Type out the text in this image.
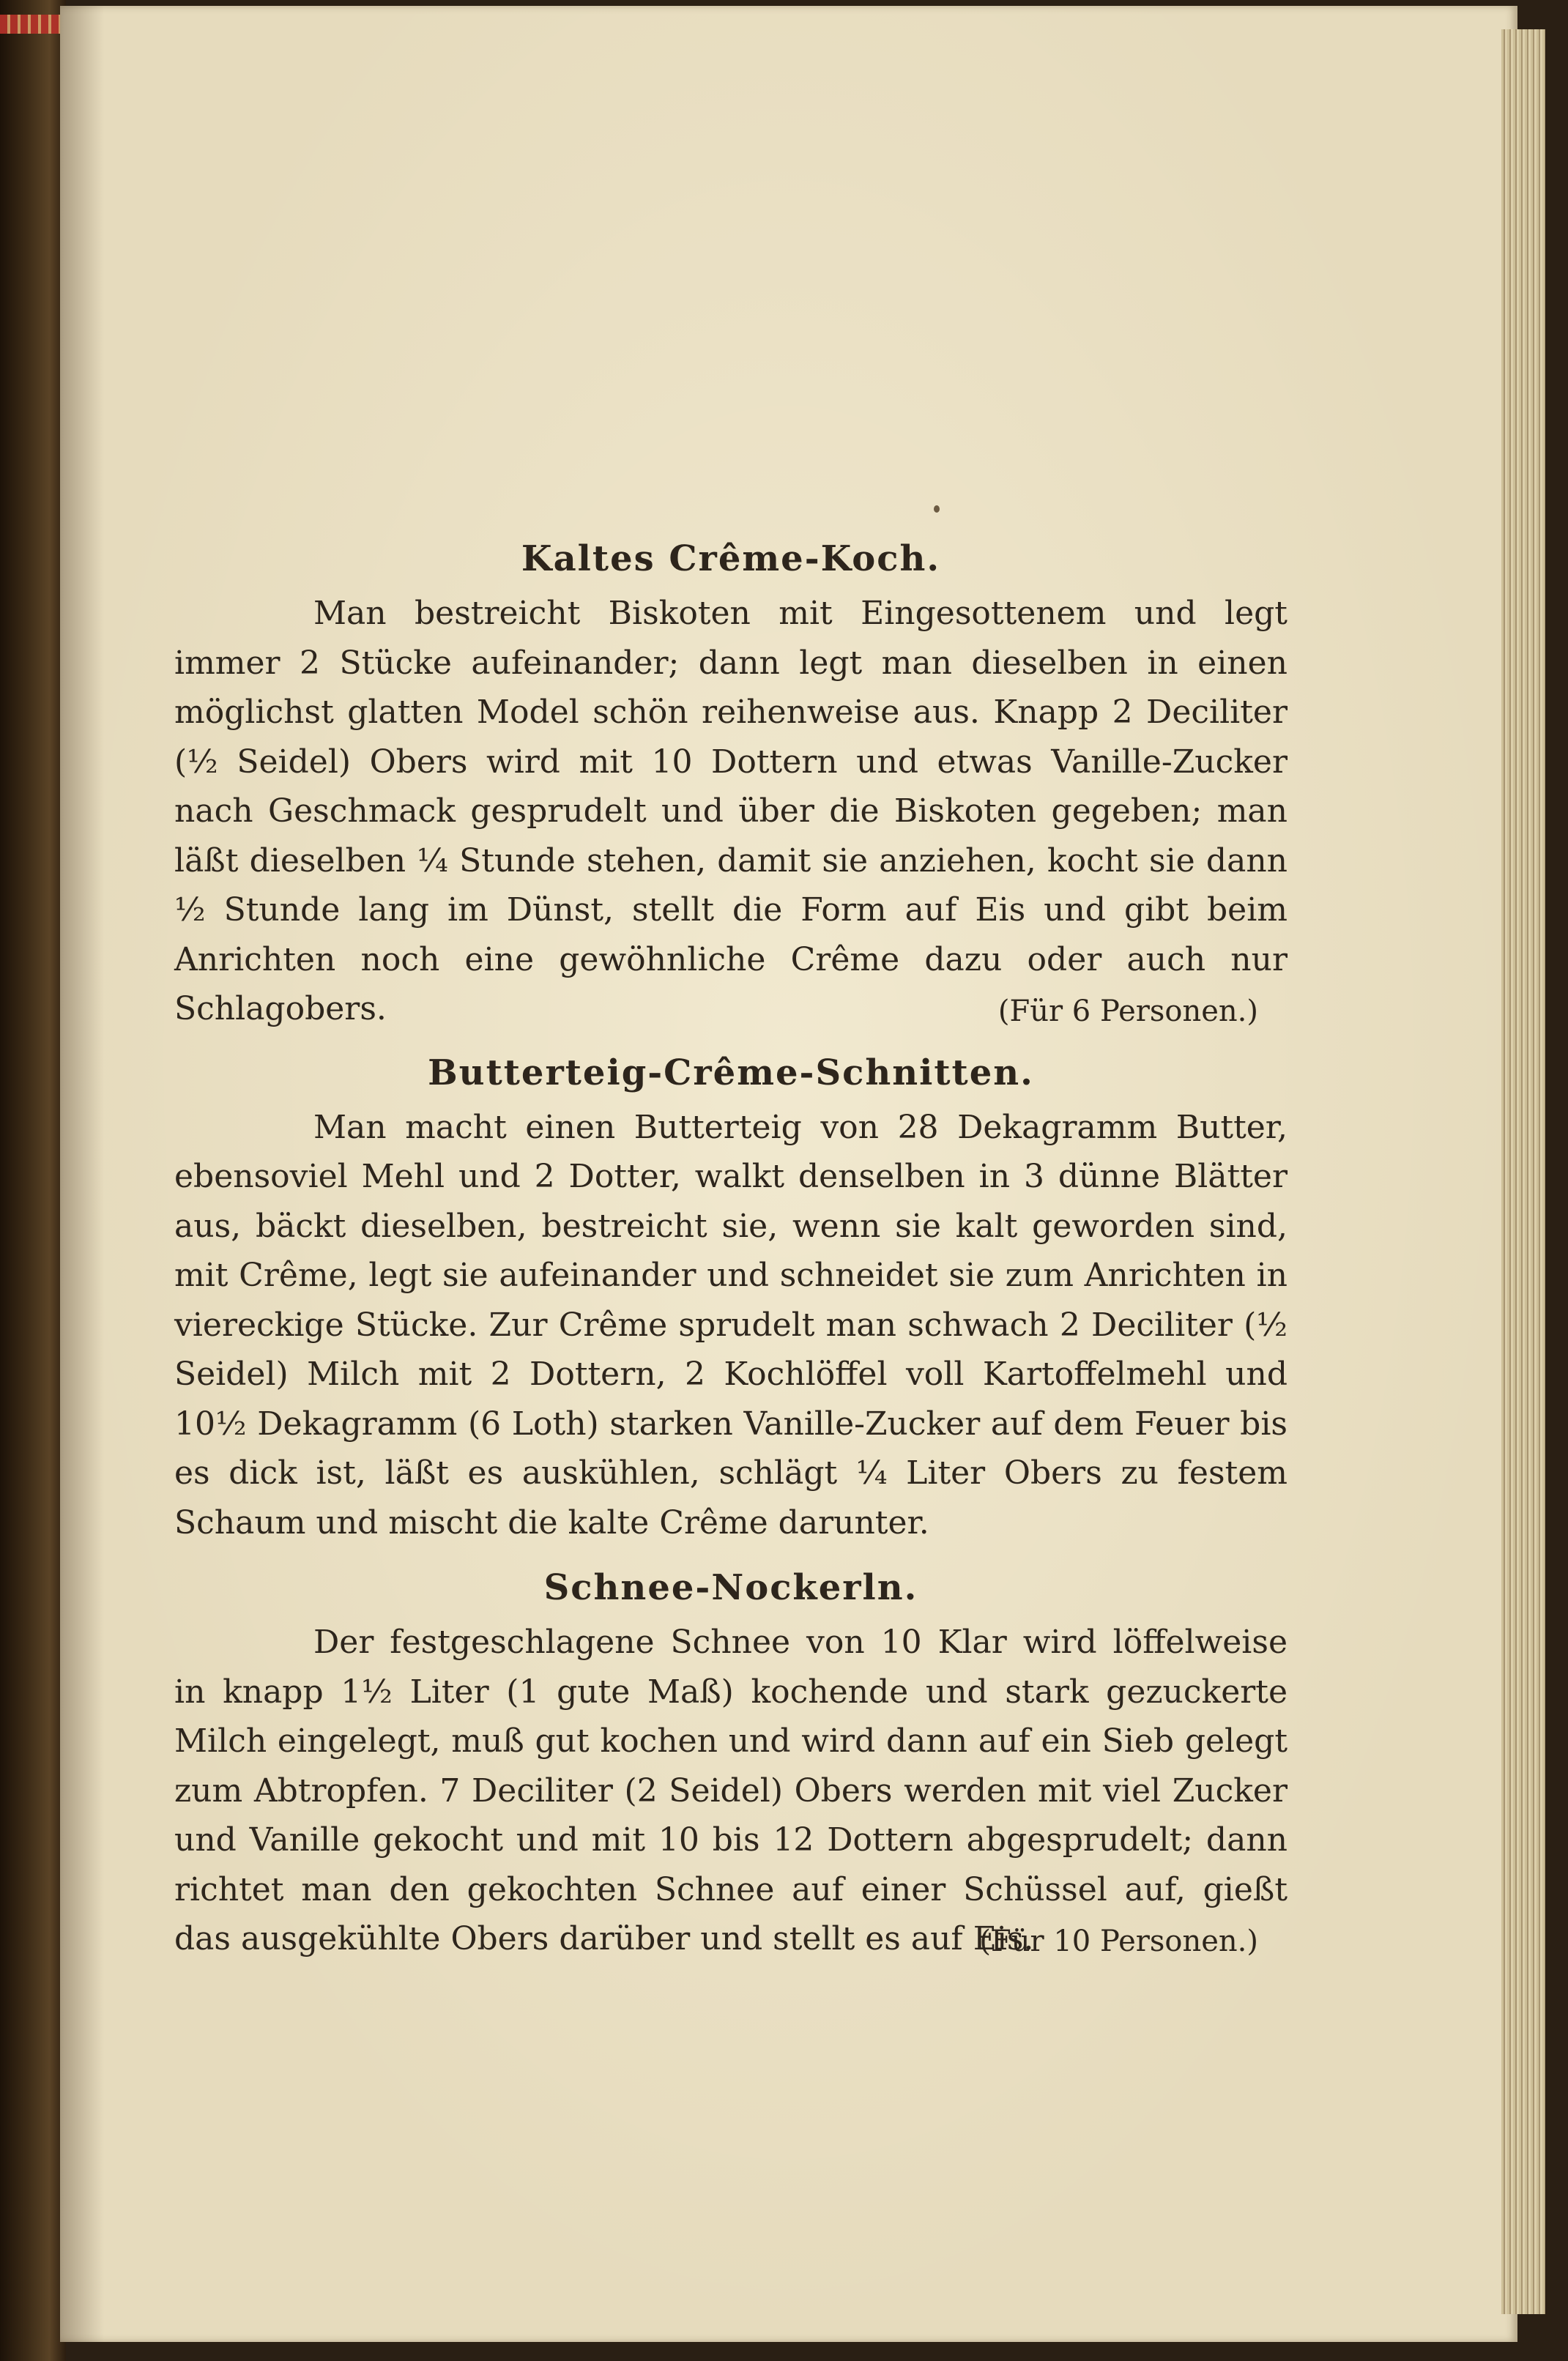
Kaltes Crême-Koch.

Man bestreicht Biskoten mit Eingesottenem und legt immer 2 Stücke aufeinander; dann legt man dieselben in einen möglichst glatten Model schön reihenweise aus. Knapp 2 Deciliter (½ Seidel) Obers wird mit 10 Dottern und etwas Vanille-Zucker nach Geschmack gesprudelt und über die Biskoten gegeben; man läßt dieselben ¼ Stunde stehen, damit sie anziehen, kocht sie dann ½ Stunde lang im Dünst, stellt die Form auf Eis und gibt beim Anrichten noch eine gewöhnliche Crême dazu oder auch nur Schlagobers.	(Für 6 Personen.)
Butterteig-Crême-Schnitten.

Man macht einen Butterteig von 28 Dekagramm Butter, ebensoviel Mehl und 2 Dotter, walkt denselben in 3 dünne Blätter aus, bäckt dieselben, bestreicht sie, wenn sie kalt geworden sind, mit Crême, legt sie aufeinander und schneidet sie zum Anrichten in viereckige Stücke. Zur Crême sprudelt man schwach 2 Deciliter (½ Seidel) Milch mit 2 Dottern, 2 Kochlöffel voll Kartoffelmehl und 10½ Dekagramm (6 Loth) starken Vanille-Zucker auf dem Feuer bis es dick ist, läßt es auskühlen, schlägt ¼ Liter Obers zu festem Schaum und mischt die kalte Crême darunter.

Schnee-Nockerln.

Der festgeschlagene Schnee von 10 Klar wird löffelweise in knapp 1½ Liter (1 gute Maß) kochende und stark gezuckerte Milch eingelegt, muß gut kochen und wird dann auf ein Sieb gelegt zum Abtropfen. 7 Deciliter (2 Seidel) Obers werden mit viel Zucker und Vanille gekocht und mit 10 bis 12 Dottern abgesprudelt; dann richtet man den gekochten Schnee auf einer Schüssel auf, gießt das ausgekühlte Obers darüber und stellt es auf Eis.

(Für 10 Personen.)
